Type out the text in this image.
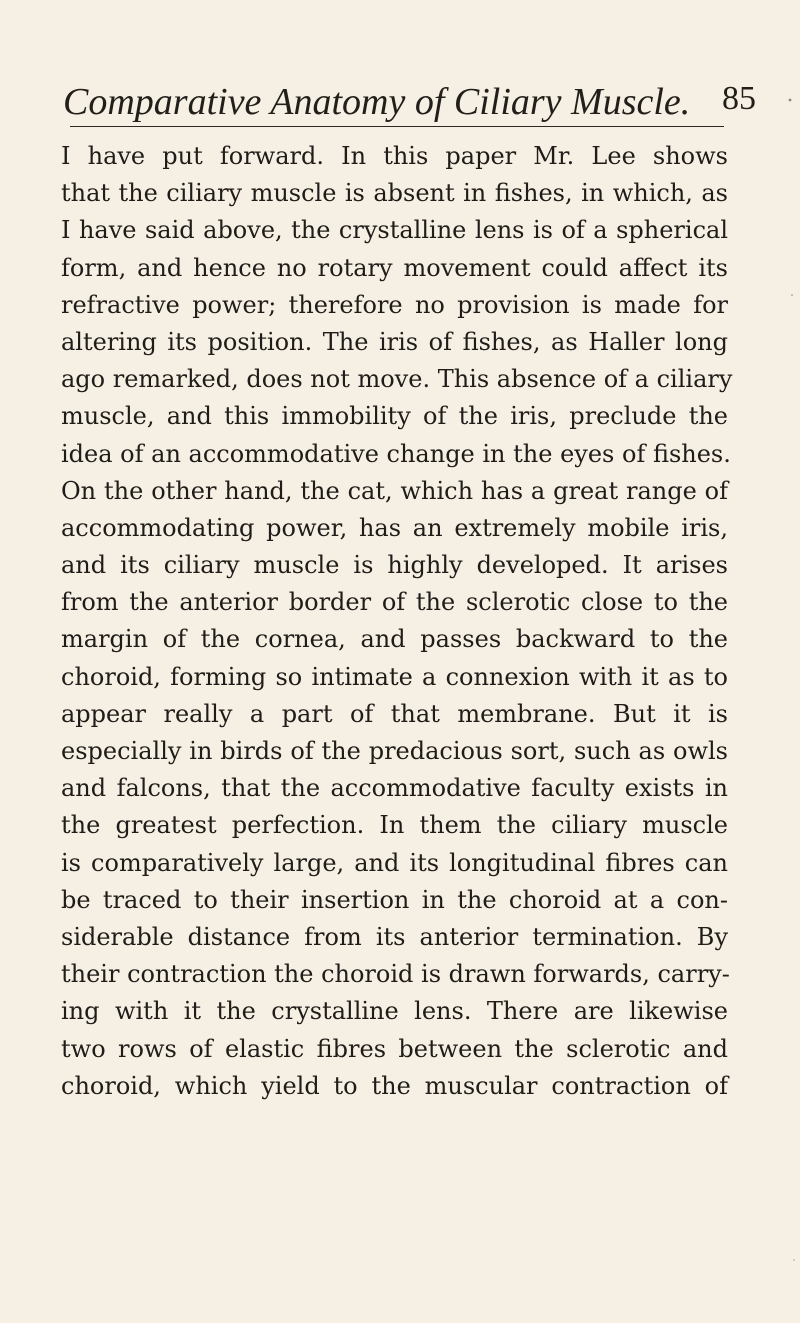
Comparative Anatomy of Ciliary Muscle. 85
I have put forward. In this paper Mr. Lee shows
that the ciliary muscle is absent in fishes, in which, as
I have said above, the crystalline lens is of a spherical
form, and hence no rotary movement could affect its
refractive power; therefore no provision is made for
altering its position. The iris of fishes, as Haller long
ago remarked, does not move. This absence of a ciliary
muscle, and this immobility of the iris, preclude the
idea of an accommodative change in the eyes of fishes.
On the other hand, the cat, which has a great range of
accommodating power, has an extremely mobile iris,
and its ciliary muscle is highly developed. It arises
from the anterior border of the sclerotic close to the
margin of the cornea, and passes backward to the
choroid, forming so intimate a connexion with it as to
appear really a part of that membrane. But it is
especially in birds of the predacious sort, such as owls
and falcons, that the accommodative faculty exists in
the greatest perfection. In them the ciliary muscle
is comparatively large, and its longitudinal fibres can
be traced to their insertion in the choroid at a con-
siderable distance from its anterior termination. By
their contraction the choroid is drawn forwards, carry-
ing with it the crystalline lens. There are likewise
two rows of elastic fibres between the sclerotic and
choroid, which yield to the muscular contraction of
